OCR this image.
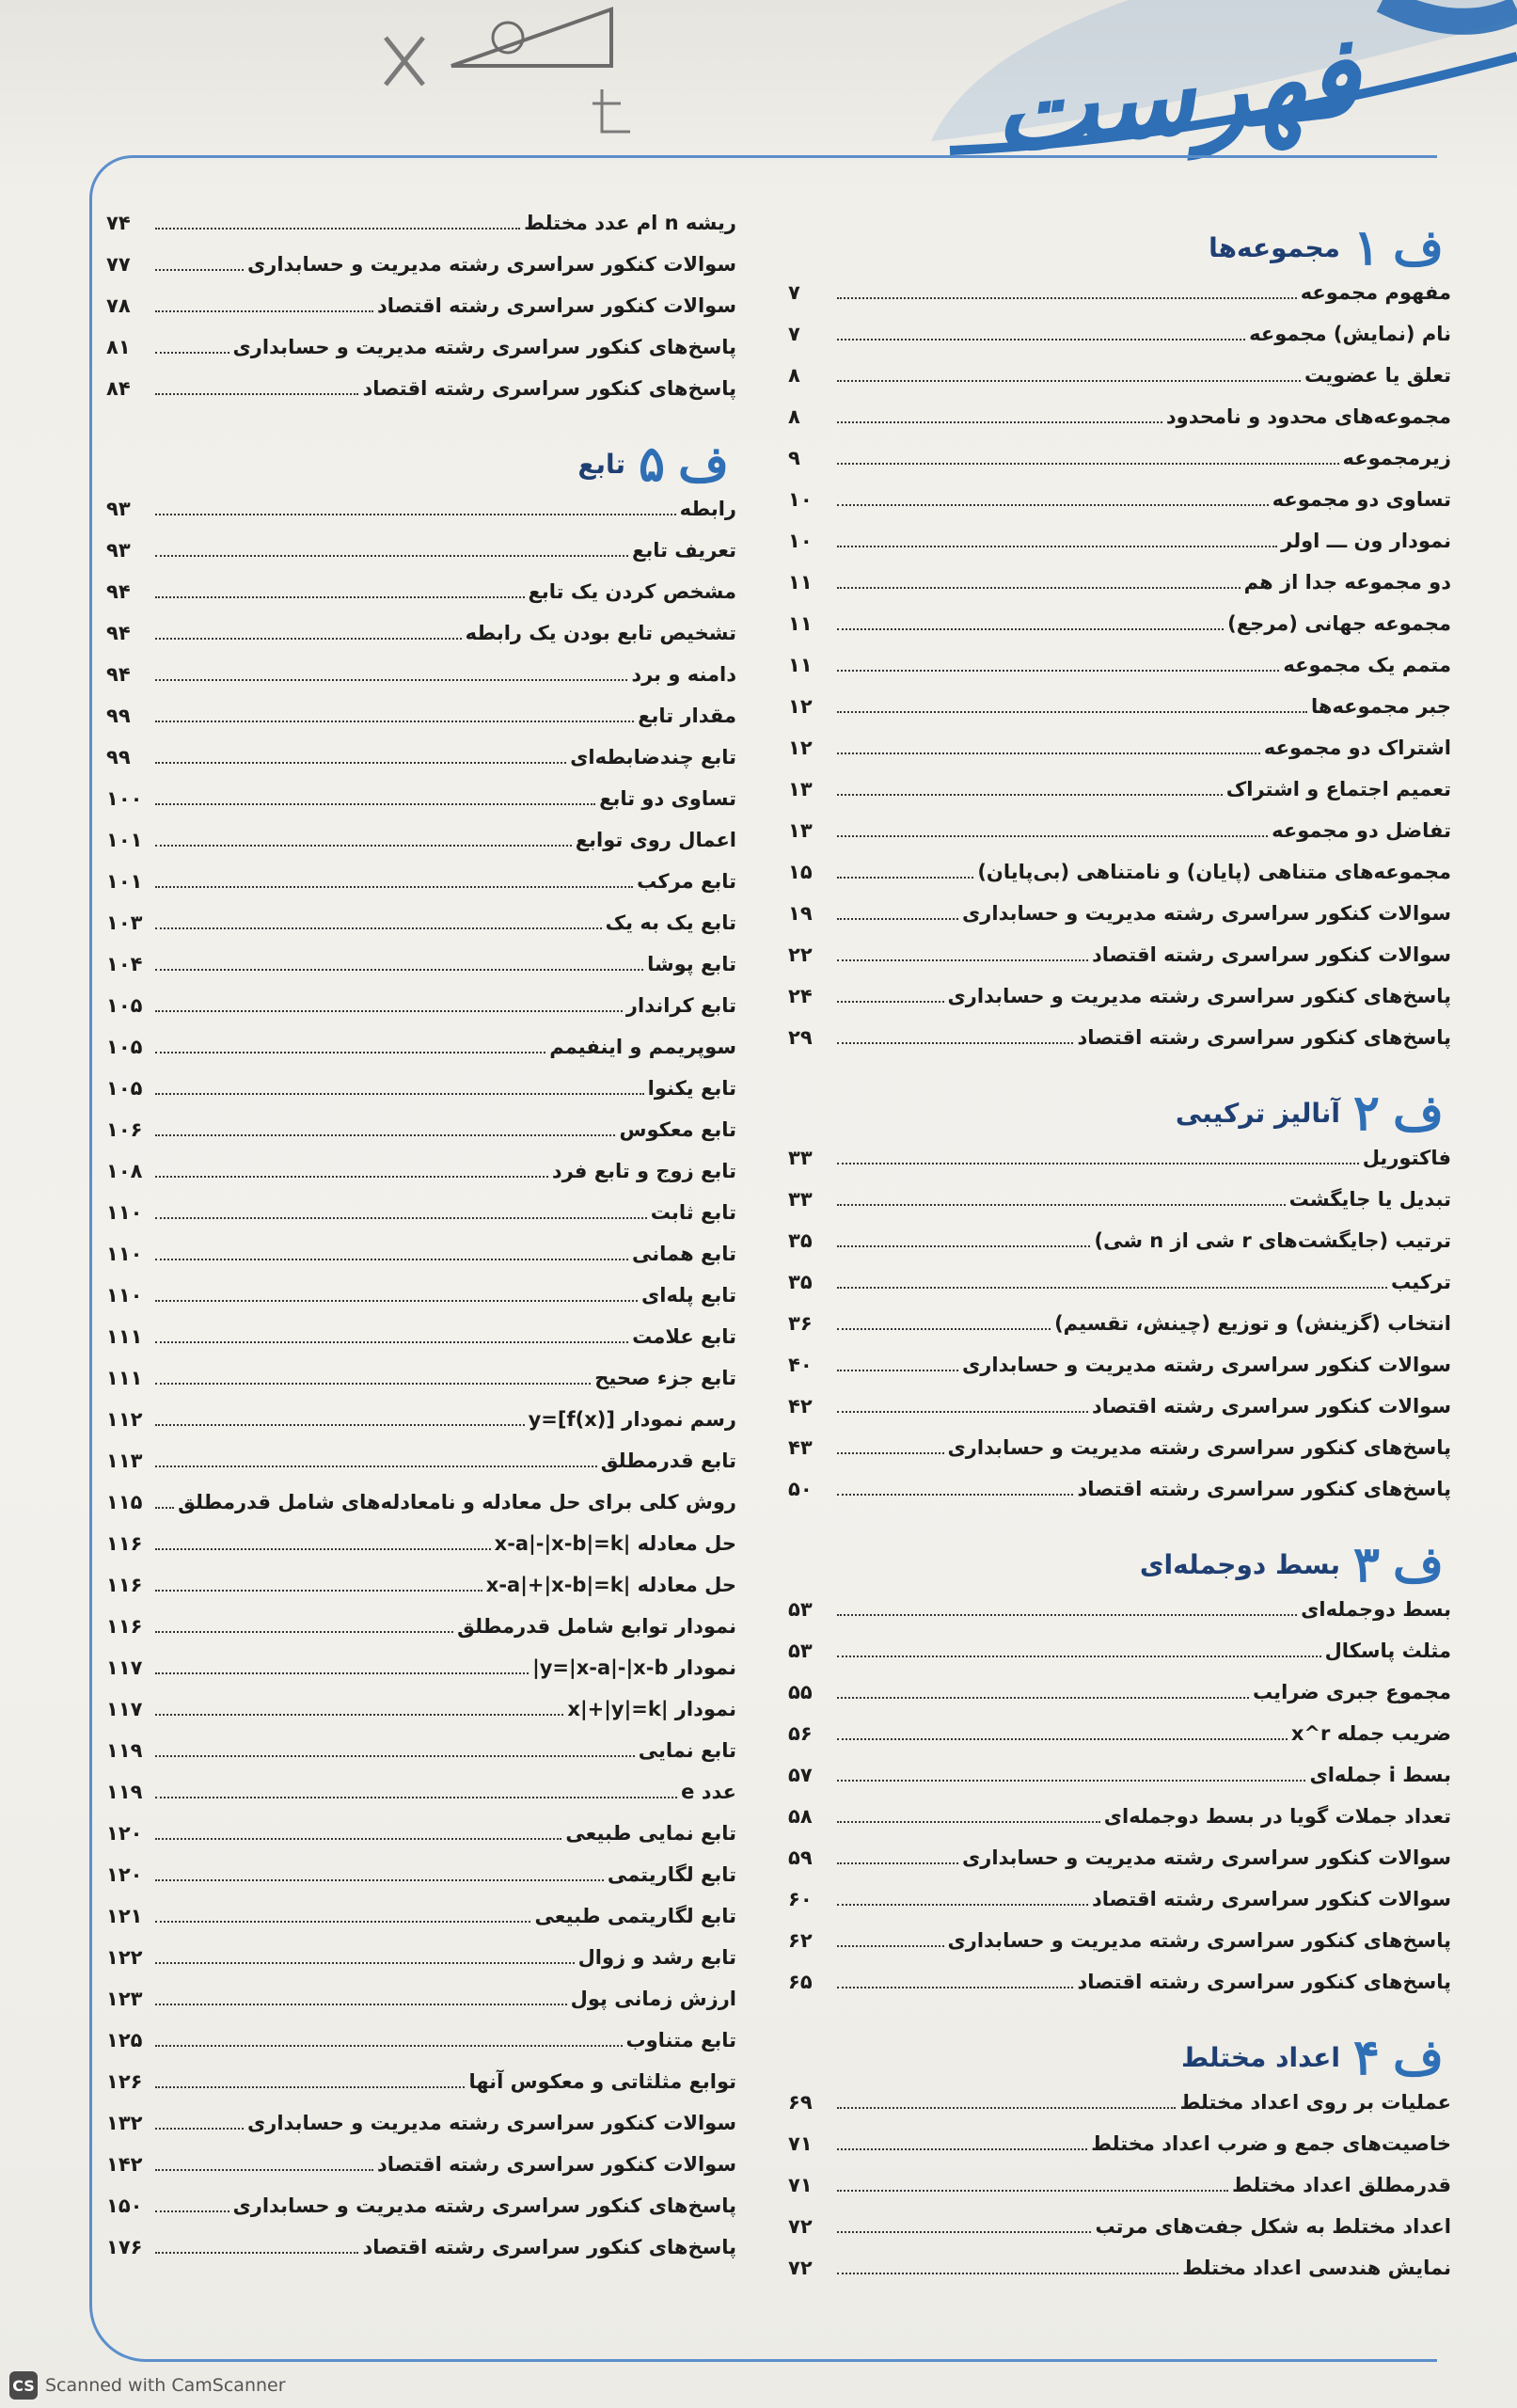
فهرست
ف
۱
مجموعه‌ها
مفهوم مجموعه
۷
نام (نمایش) مجموعه
۷
تعلق یا عضویت
۸
مجموعه‌های محدود و نامحدود
۸
زیرمجموعه
۹
تساوی دو مجموعه
۱۰
نمودار ون ـــ اولر
۱۰
دو مجموعه جدا از هم
۱۱
مجموعه جهانی (مرجع)
۱۱
متمم یک مجموعه
۱۱
جبر مجموعه‌ها
۱۲
اشتراک دو مجموعه
۱۲
تعمیم اجتماع و اشتراک
۱۳
تفاضل دو مجموعه
۱۳
مجموعه‌های متناهی (پایان) و نامتناهی (بی‌پایان)
۱۵
سوالات کنکور سراسری رشته مدیریت و حسابداری
۱۹
سوالات کنکور سراسری رشته اقتصاد
۲۲
پاسخ‌های کنکور سراسری رشته مدیریت و حسابداری
۲۴
پاسخ‌های کنکور سراسری رشته اقتصاد
۲۹
ف
۲
آنالیز ترکیبی
فاکتوریل
۳۳
تبدیل یا جایگشت
۳۳
ترتیب (جایگشت‌های r شی از n شی)
۳۵
ترکیب
۳۵
انتخاب (گزینش) و توزیع (چینش، تقسیم)
۳۶
سوالات کنکور سراسری رشته مدیریت و حسابداری
۴۰
سوالات کنکور سراسری رشته اقتصاد
۴۲
پاسخ‌های کنکور سراسری رشته مدیریت و حسابداری
۴۳
پاسخ‌های کنکور سراسری رشته اقتصاد
۵۰
ف
۳
بسط دوجمله‌ای
بسط دوجمله‌ای
۵۳
مثلث پاسکال
۵۳
مجموع جبری ضرایب
۵۵
ضریب جمله x^r
۵۶
بسط i جمله‌ای
۵۷
تعداد جملات گویا در بسط دوجمله‌ای
۵۸
سوالات کنکور سراسری رشته مدیریت و حسابداری
۵۹
سوالات کنکور سراسری رشته اقتصاد
۶۰
پاسخ‌های کنکور سراسری رشته مدیریت و حسابداری
۶۲
پاسخ‌های کنکور سراسری رشته اقتصاد
۶۵
ف
۴
اعداد مختلط
عملیات بر روی اعداد مختلط
۶۹
خاصیت‌های جمع و ضرب اعداد مختلط
۷۱
قدرمطلق اعداد مختلط
۷۱
اعداد مختلط به شکل جفت‌های مرتب
۷۲
نمایش هندسی اعداد مختلط
۷۲
ریشه n ام عدد مختلط
۷۴
سوالات کنکور سراسری رشته مدیریت و حسابداری
۷۷
سوالات کنکور سراسری رشته اقتصاد
۷۸
پاسخ‌های کنکور سراسری رشته مدیریت و حسابداری
۸۱
پاسخ‌های کنکور سراسری رشته اقتصاد
۸۴
ف
۵
تابع
رابطه
۹۳
تعریف تابع
۹۳
مشخص کردن یک تابع
۹۴
تشخیص تابع بودن یک رابطه
۹۴
دامنه و برد
۹۴
مقدار تابع
۹۹
تابع چندضابطه‌ای
۹۹
تساوی دو تابع
۱۰۰
اعمال روی توابع
۱۰۱
تابع مرکب
۱۰۱
تابع یک به یک
۱۰۳
تابع پوشا
۱۰۴
تابع کراندار
۱۰۵
سوپریمم و اینفیمم
۱۰۵
تابع یکنوا
۱۰۵
تابع معکوس
۱۰۶
تابع زوج و تابع فرد
۱۰۸
تابع ثابت
۱۱۰
تابع همانی
۱۱۰
تابع پله‌ای
۱۱۰
تابع علامت
۱۱۱
تابع جزء صحیح
۱۱۱
رسم نمودار y=[f(x)]
۱۱۲
تابع قدرمطلق
۱۱۳
روش کلی برای حل معادله و نامعادله‌های شامل قدرمطلق
۱۱۵
حل معادله |x-a|-|x-b|=k
۱۱۶
حل معادله |x-a|+|x-b|=k
۱۱۶
نمودار توابع شامل قدرمطلق
۱۱۶
نمودار y=|x-a|-|x-b|
۱۱۷
نمودار |x|+|y|=k
۱۱۷
تابع نمایی
۱۱۹
عدد e
۱۱۹
تابع نمایی طبیعی
۱۲۰
تابع لگاریتمی
۱۲۰
تابع لگاریتمی طبیعی
۱۲۱
تابع رشد و زوال
۱۲۲
ارزش زمانی پول
۱۲۳
تابع متناوب
۱۲۵
توابع مثلثاتی و معکوس آنها
۱۲۶
سوالات کنکور سراسری رشته مدیریت و حسابداری
۱۳۲
سوالات کنکور سراسری رشته اقتصاد
۱۴۲
پاسخ‌های کنکور سراسری رشته مدیریت و حسابداری
۱۵۰
پاسخ‌های کنکور سراسری رشته اقتصاد
۱۷۶
CS Scanned with CamScanner
